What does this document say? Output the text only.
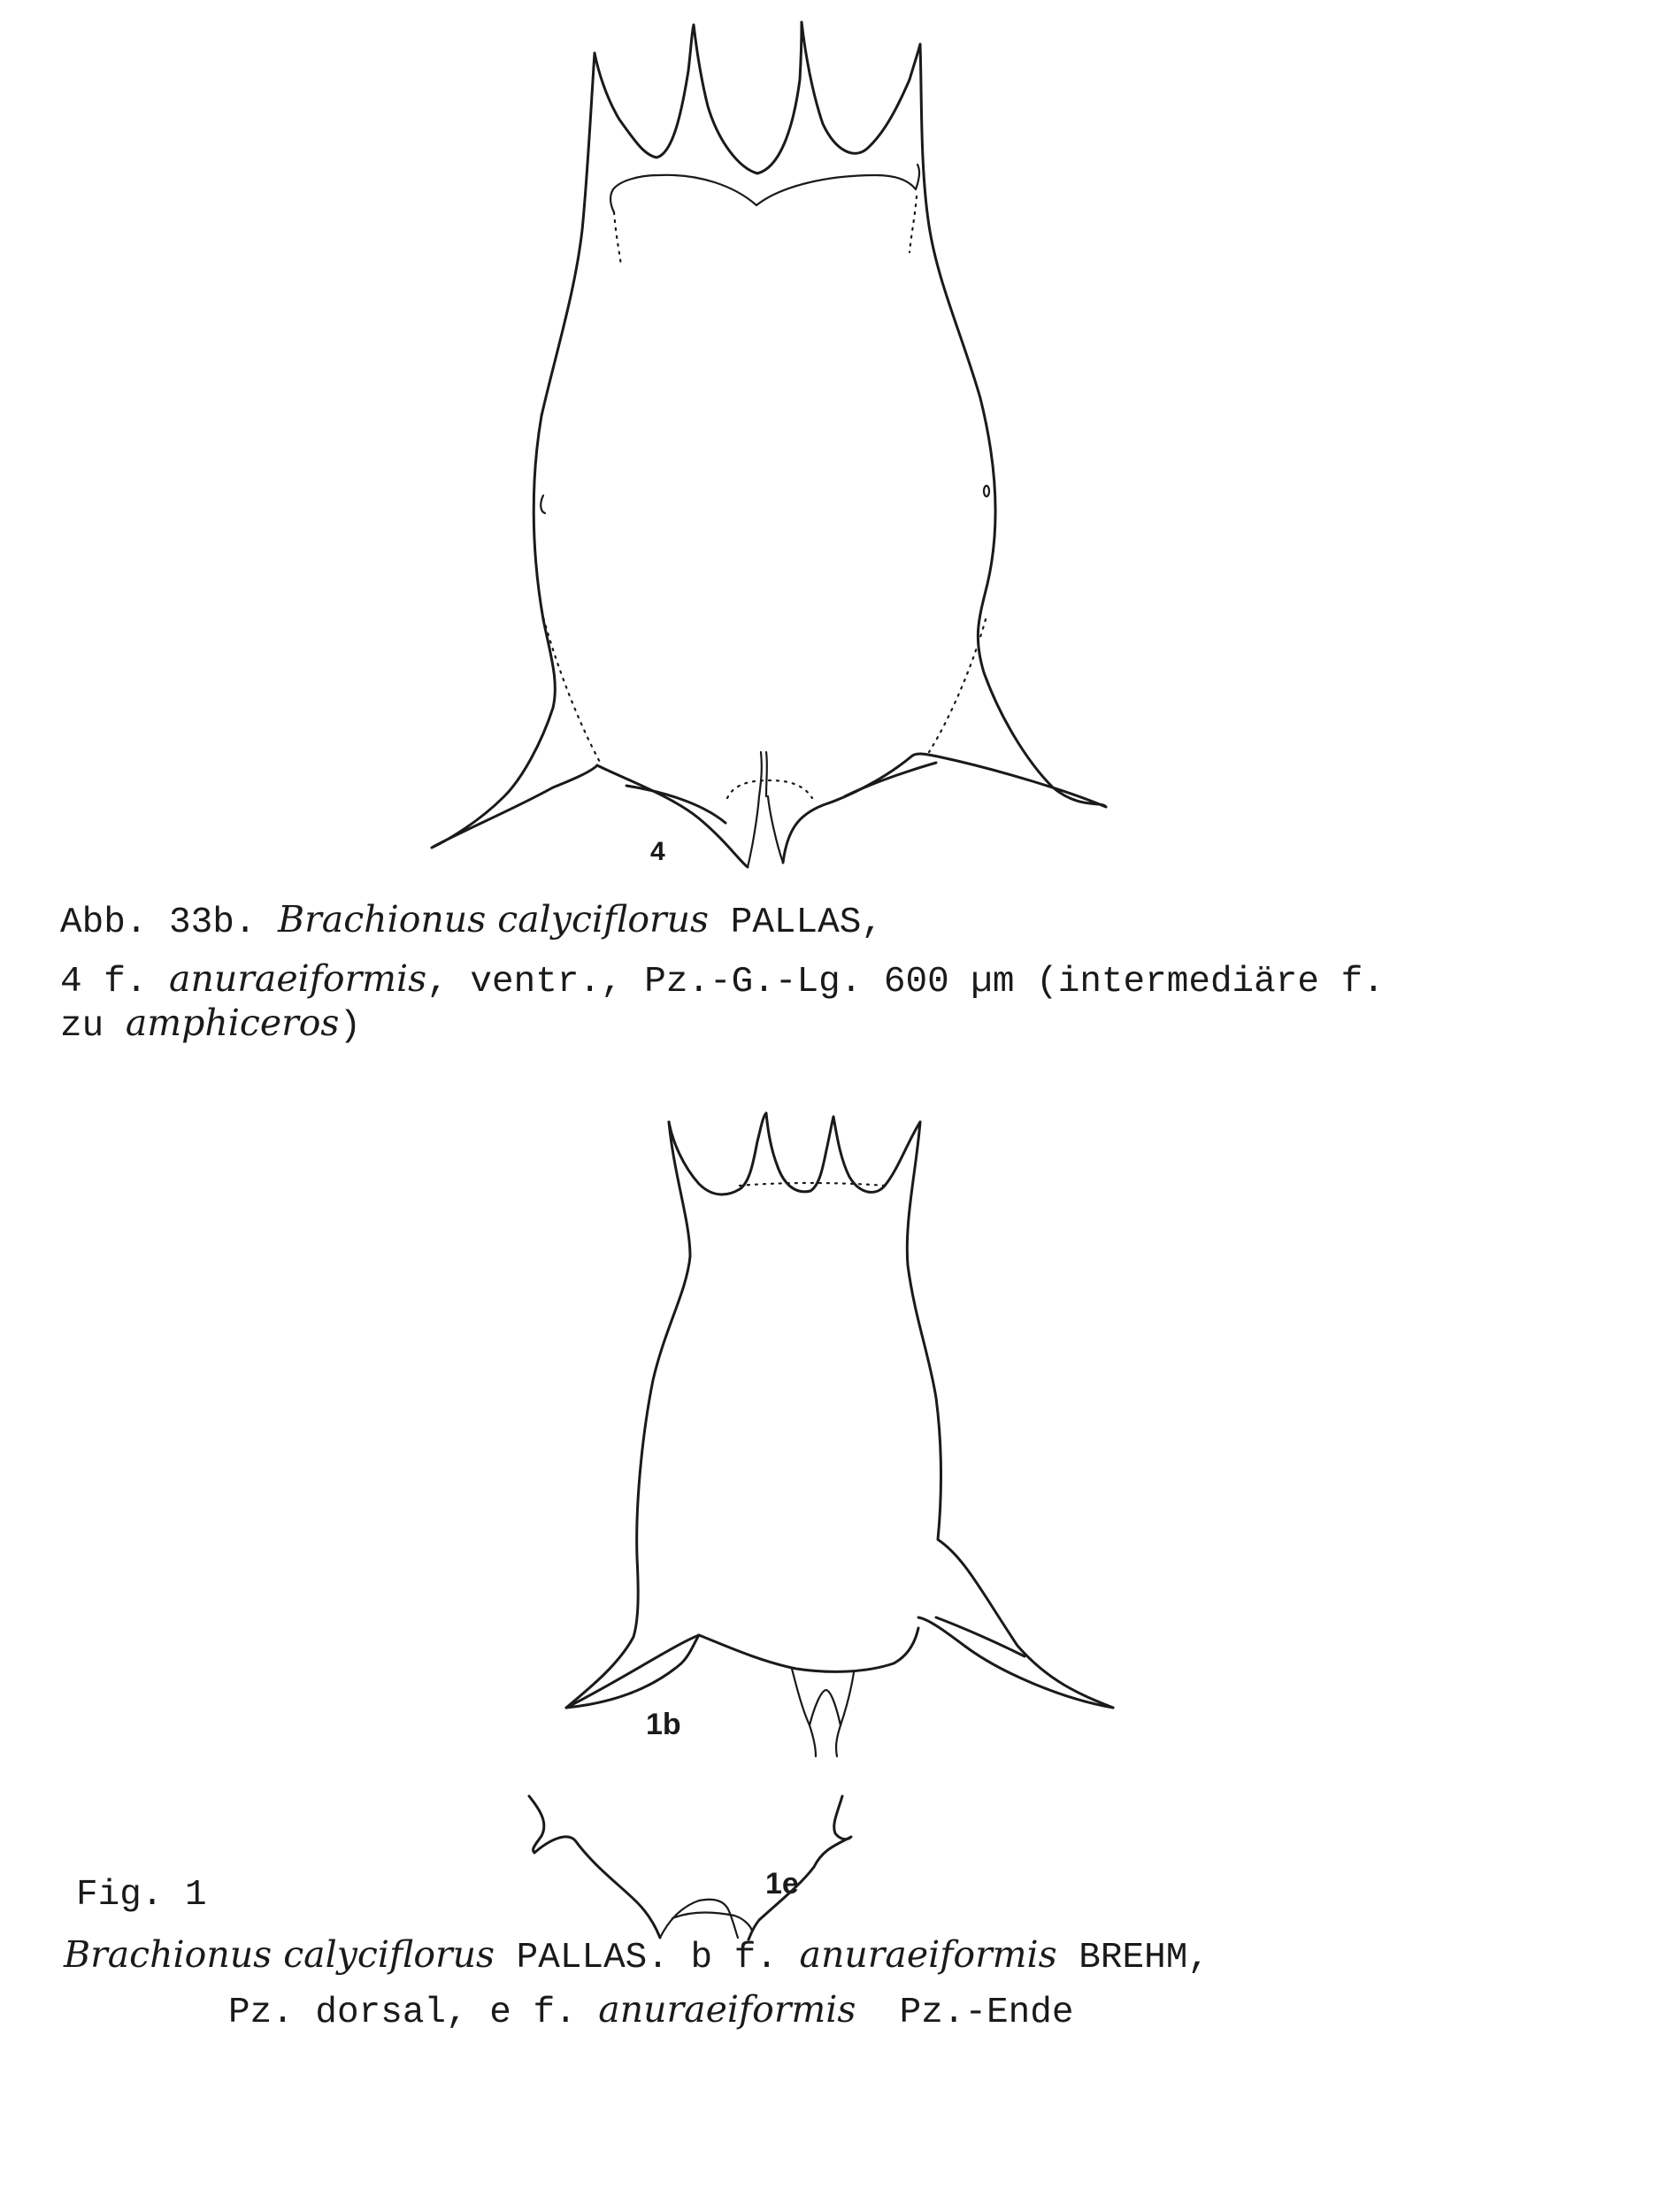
4
1b
1e
Abb. 33b. Brachionus calyciflorus PALLAS,
4 f. anuraeiformis, ventr., Pz.-G.-Lg. 600 µm (intermediäre f.
zu amphiceros)
Fig. 1
Brachionus calyciflorus PALLAS. b f. anuraeiformis BREHM,
Pz. dorsal, e f. anuraeiformis  Pz.-Ende
